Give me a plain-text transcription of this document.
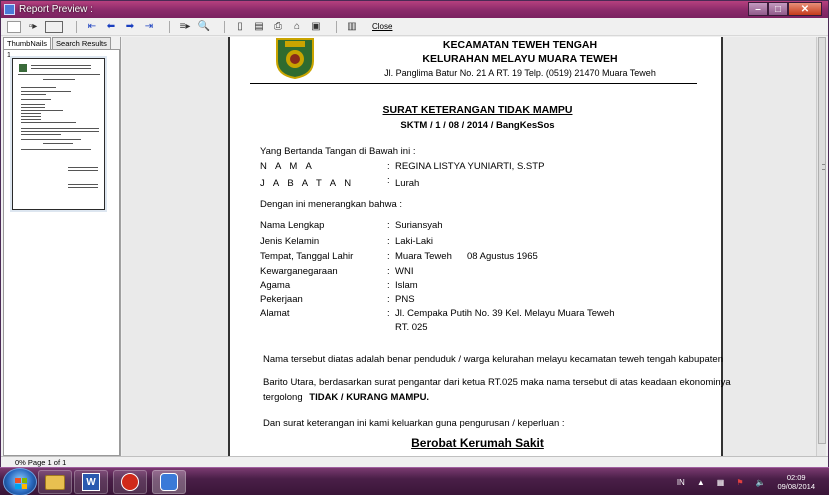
Report Preview :	–	□	✕
▫▸	⇤ ⬅ ➡ ⇥	≡▸ 🔍	▯	▤	⎙	⌂	▣	▥ Close
ThumbNails	Search Results
1
KECAMATAN TEWEH TENGAH
KELURAHAN MELAYU MUARA TEWEH
Jl. Panglima Batur No. 21 A RT. 19 Telp. (0519) 21470 Muara Teweh
SURAT KETERANGAN TIDAK MAMPU
SKTM / 1 / 08 / 2014 / BangKesSos
Yang Bertanda Tangan di Bawah ini :
N A M A	: REGINA LISTYA YUNIARTI, S.STP
J A B A T A N	: Lurah
Dengan ini menerangkan bahwa :
Nama Lengkap	: Suriansyah
Jenis Kelamin	: Laki-Laki
Tempat, Tanggal Lahir	: Muara Teweh 08 Agustus 1965
Kewarganegaraan	: WNI
Agama	: Islam
Pekerjaan	: PNS
Alamat	: Jl. Cempaka Putih No. 39 Kel. Melayu Muara Teweh
RT. 025
Nama tersebut diatas adalah benar penduduk / warga kelurahan melayu kecamatan teweh tengah kabupaten
Barito Utara, berdasarkan surat pengantar dari ketua RT.025 maka nama tersebut di atas keadaan ekonominya
tergolong TIDAK / KURANG MAMPU.
Dan surat keterangan ini kami keluarkan guna pengurusan / keperluan :
Berobat Kerumah Sakit
0% Page 1 of 1
W	IN ▲ ▦ ⚑ 🔈	02:09
09/08/2014
